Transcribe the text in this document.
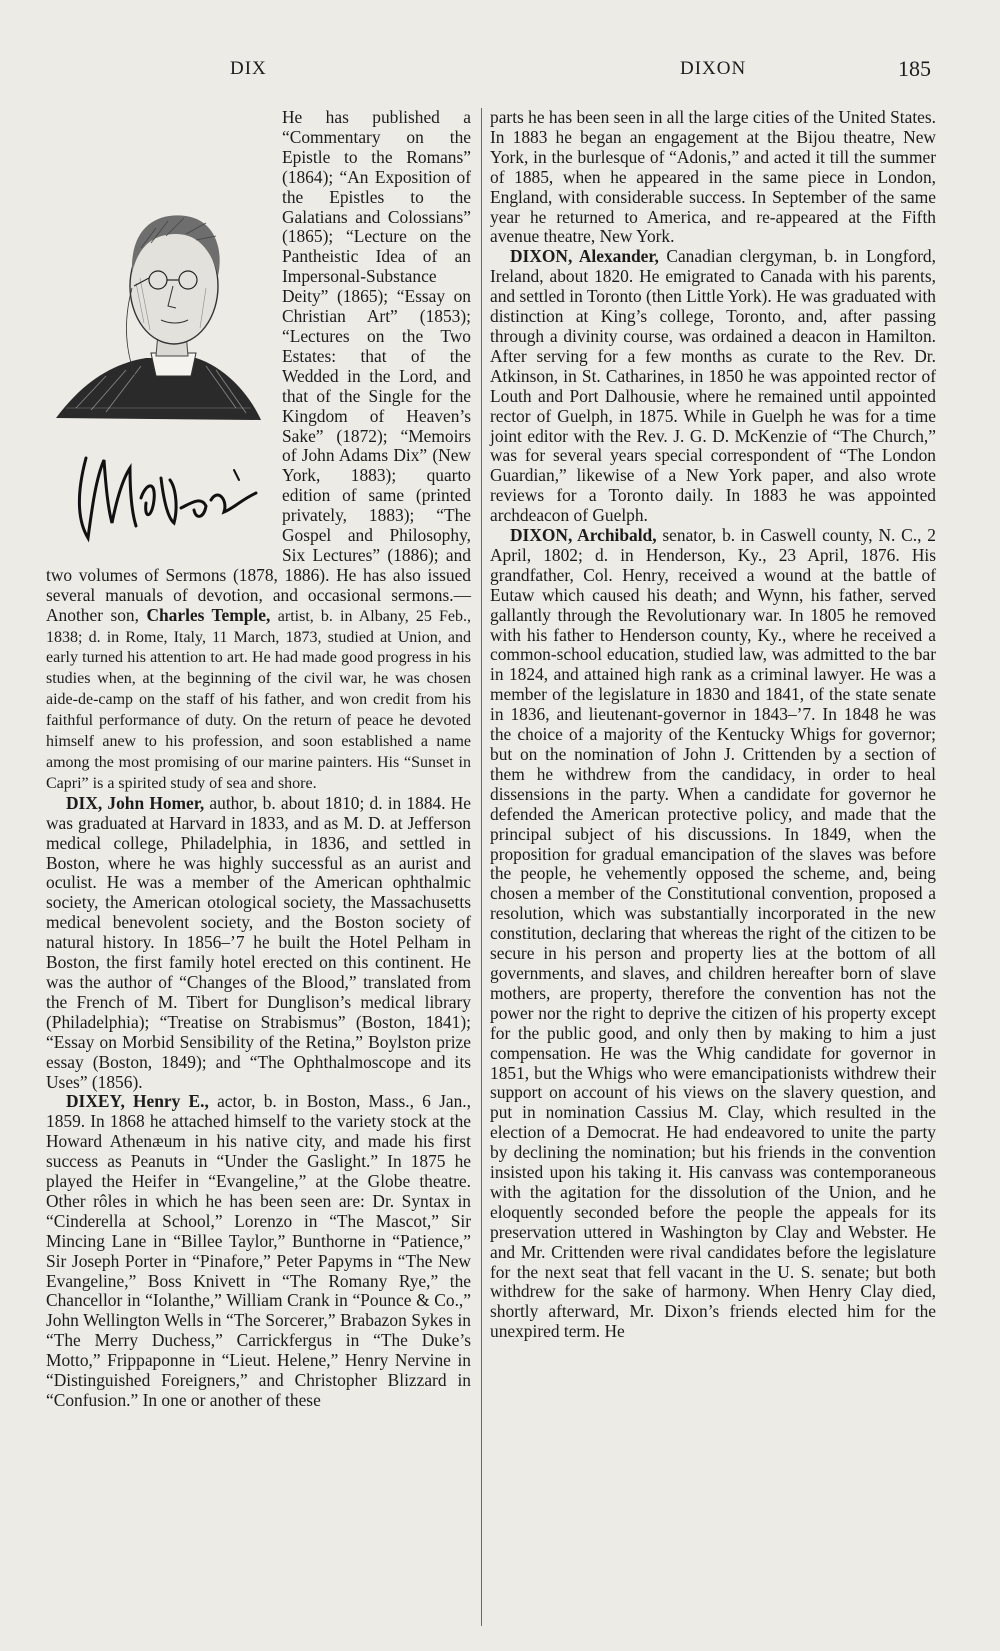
DIX	DIXON	185

He has published a “Commentary on the Epistle to the Romans” (1864); “An Exposition of the Epistles to the Galatians and Colossians” (1865); “Lecture on the Pantheistic Idea of an Impersonal-Substance Deity” (1865); “Essay on Christian Art” (1853); “Lectures on the Two Estates: that of the Wedded in the Lord, and that of the Single for the Kingdom of Heaven’s Sake” (1872); “Memoirs of John Adams Dix” (New York, 1883); quarto edition of same (printed privately, 1883); “The Gospel and Philosophy, Six Lectures” (1886); and two volumes of Sermons (1878, 1886). He has also issued several manuals of devotion, and occasional sermons.—Another son, Charles Temple, artist, b. in Albany, 25 Feb., 1838; d. in Rome, Italy, 11 March, 1873, studied at Union, and early turned his attention to art. He had made good progress in his studies when, at the beginning of the civil war, he was chosen aide-de-camp on the staff of his father, and won credit from his faithful performance of duty. On the return of peace he devoted himself anew to his profession, and soon established a name among the most promising of our marine painters. His “Sunset in Capri” is a spirited study of sea and shore.

DIX, John Homer, author, b. about 1810; d. in 1884. He was graduated at Harvard in 1833, and as M. D. at Jefferson medical college, Philadelphia, in 1836, and settled in Boston, where he was highly successful as an aurist and oculist. He was a member of the American ophthalmic society, the American otological society, the Massachusetts medical benevolent society, and the Boston society of natural history. In 1856–’7 he built the Hotel Pelham in Boston, the first family hotel erected on this continent. He was the author of “Changes of the Blood,” translated from the French of M. Tibert for Dunglison’s medical library (Philadelphia); “Treatise on Strabismus” (Boston, 1841); “Essay on Morbid Sensibility of the Retina,” Boylston prize essay (Boston, 1849); and “The Ophthalmoscope and its Uses” (1856).

DIXEY, Henry E., actor, b. in Boston, Mass., 6 Jan., 1859. In 1868 he attached himself to the variety stock at the Howard Athenæum in his native city, and made his first success as Peanuts in “Under the Gaslight.” In 1875 he played the Heifer in “Evangeline,” at the Globe theatre. Other rôles in which he has been seen are: Dr. Syntax in “Cinderella at School,” Lorenzo in “The Mascot,” Sir Mincing Lane in “Billee Taylor,” Bunthorne in “Patience,” Sir Joseph Porter in “Pinafore,” Peter Papyms in “The New Evangeline,” Boss Knivett in “The Romany Rye,” the Chancellor in “Iolanthe,” William Crank in “Pounce & Co.,” John Wellington Wells in “The Sorcerer,” Brabazon Sykes in “The Merry Duchess,” Carrickfergus in “The Duke’s Motto,” Frippaponne in “Lieut. Helene,” Henry Nervine in “Distinguished Foreigners,” and Christopher Blizzard in “Confusion.” In one or another of these

parts he has been seen in all the large cities of the United States. In 1883 he began an engagement at the Bijou theatre, New York, in the burlesque of “Adonis,” and acted it till the summer of 1885, when he appeared in the same piece in London, England, with considerable success. In September of the same year he returned to America, and re-appeared at the Fifth avenue theatre, New York.

DIXON, Alexander, Canadian clergyman, b. in Longford, Ireland, about 1820. He emigrated to Canada with his parents, and settled in Toronto (then Little York). He was graduated with distinction at King’s college, Toronto, and, after passing through a divinity course, was ordained a deacon in Hamilton. After serving for a few months as curate to the Rev. Dr. Atkinson, in St. Catharines, in 1850 he was appointed rector of Louth and Port Dalhousie, where he remained until appointed rector of Guelph, in 1875. While in Guelph he was for a time joint editor with the Rev. J. G. D. McKenzie of “The Church,” was for several years special correspondent of “The London Guardian,” likewise of a New York paper, and also wrote reviews for a Toronto daily. In 1883 he was appointed archdeacon of Guelph.

DIXON, Archibald, senator, b. in Caswell county, N. C., 2 April, 1802; d. in Henderson, Ky., 23 April, 1876. His grandfather, Col. Henry, received a wound at the battle of Eutaw which caused his death; and Wynn, his father, served gallantly through the Revolutionary war. In 1805 he removed with his father to Henderson county, Ky., where he received a common-school education, studied law, was admitted to the bar in 1824, and attained high rank as a criminal lawyer. He was a member of the legislature in 1830 and 1841, of the state senate in 1836, and lieutenant-governor in 1843–’7. In 1848 he was the choice of a majority of the Kentucky Whigs for governor; but on the nomination of John J. Crittenden by a section of them he withdrew from the candidacy, in order to heal dissensions in the party. When a candidate for governor he defended the American protective policy, and made that the principal subject of his discussions. In 1849, when the proposition for gradual emancipation of the slaves was before the people, he vehemently opposed the scheme, and, being chosen a member of the Constitutional convention, proposed a resolution, which was substantially incorporated in the new constitution, declaring that whereas the right of the citizen to be secure in his person and property lies at the bottom of all governments, and slaves, and children hereafter born of slave mothers, are property, therefore the convention has not the power nor the right to deprive the citizen of his property except for the public good, and only then by making to him a just compensation. He was the Whig candidate for governor in 1851, but the Whigs who were emancipationists withdrew their support on account of his views on the slavery question, and put in nomination Cassius M. Clay, which resulted in the election of a Democrat. He had endeavored to unite the party by declining the nomination; but his friends in the convention insisted upon his taking it. His canvass was contemporaneous with the agitation for the dissolution of the Union, and he eloquently seconded before the people the appeals for its preservation uttered in Washington by Clay and Webster. He and Mr. Crittenden were rival candidates before the legislature for the next seat that fell vacant in the U. S. senate; but both withdrew for the sake of harmony. When Henry Clay died, shortly afterward, Mr. Dixon’s friends elected him for the unexpired term. He
